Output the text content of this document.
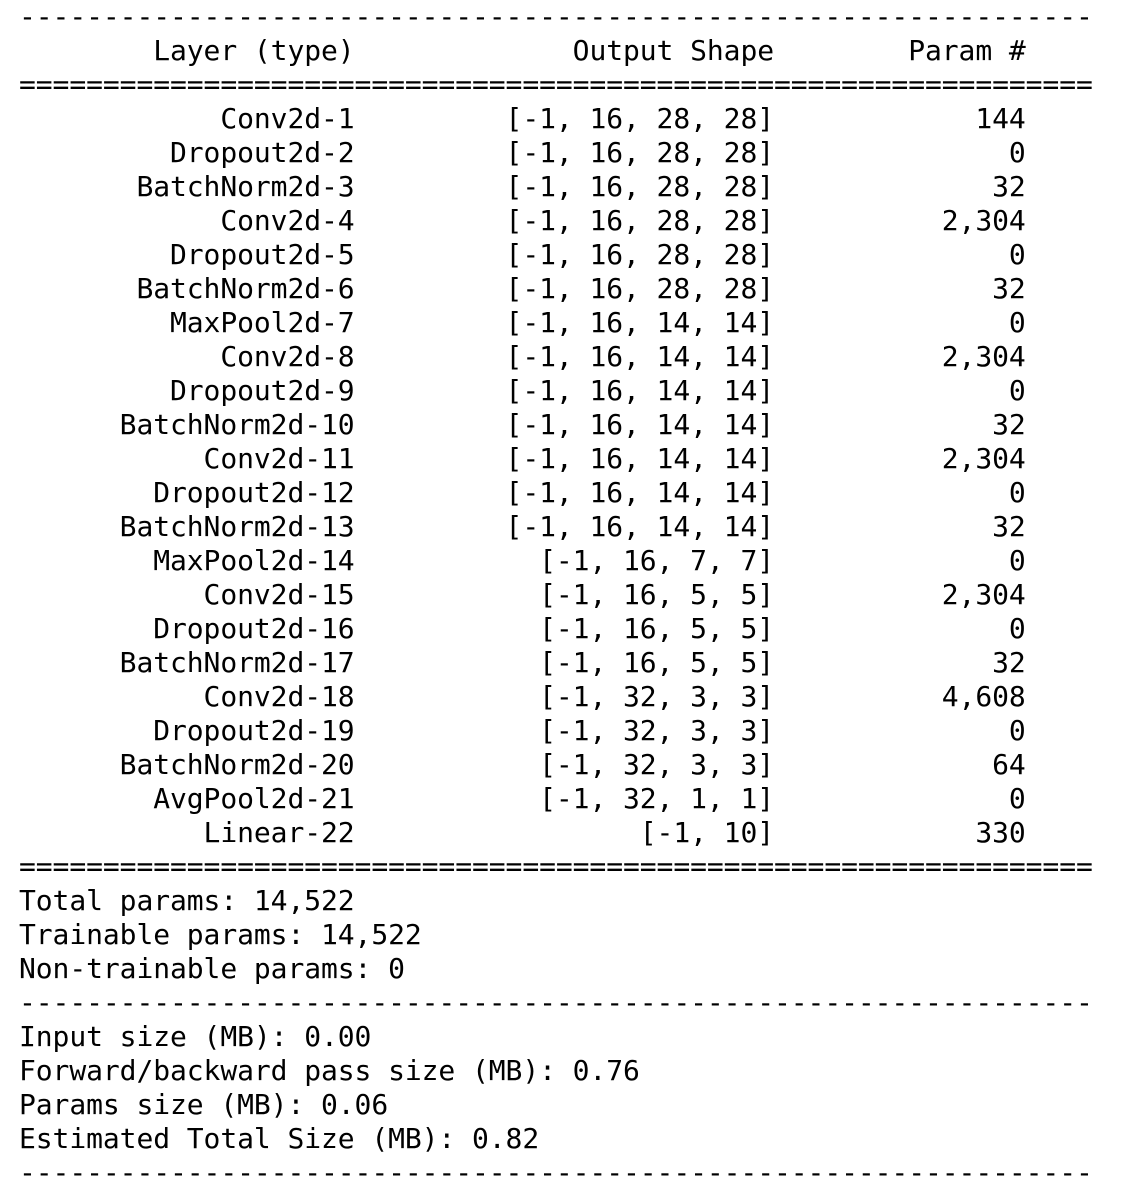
----------------------------------------------------------------
Layer (type)             Output Shape        Param #
================================================================
Conv2d-1         [-1, 16, 28, 28]            144
Dropout2d-2         [-1, 16, 28, 28]              0
BatchNorm2d-3         [-1, 16, 28, 28]             32
Conv2d-4         [-1, 16, 28, 28]          2,304
Dropout2d-5         [-1, 16, 28, 28]              0
BatchNorm2d-6         [-1, 16, 28, 28]             32
MaxPool2d-7         [-1, 16, 14, 14]              0
Conv2d-8         [-1, 16, 14, 14]          2,304
Dropout2d-9         [-1, 16, 14, 14]              0
BatchNorm2d-10         [-1, 16, 14, 14]             32
Conv2d-11         [-1, 16, 14, 14]          2,304
Dropout2d-12         [-1, 16, 14, 14]              0
BatchNorm2d-13         [-1, 16, 14, 14]             32
MaxPool2d-14           [-1, 16, 7, 7]              0
Conv2d-15           [-1, 16, 5, 5]          2,304
Dropout2d-16           [-1, 16, 5, 5]              0
BatchNorm2d-17           [-1, 16, 5, 5]             32
Conv2d-18           [-1, 32, 3, 3]          4,608
Dropout2d-19           [-1, 32, 3, 3]              0
BatchNorm2d-20           [-1, 32, 3, 3]             64
AvgPool2d-21           [-1, 32, 1, 1]              0
Linear-22                 [-1, 10]            330
================================================================
Total params: 14,522
Trainable params: 14,522
Non-trainable params: 0
----------------------------------------------------------------
Input size (MB): 0.00
Forward/backward pass size (MB): 0.76
Params size (MB): 0.06
Estimated Total Size (MB): 0.82
----------------------------------------------------------------
